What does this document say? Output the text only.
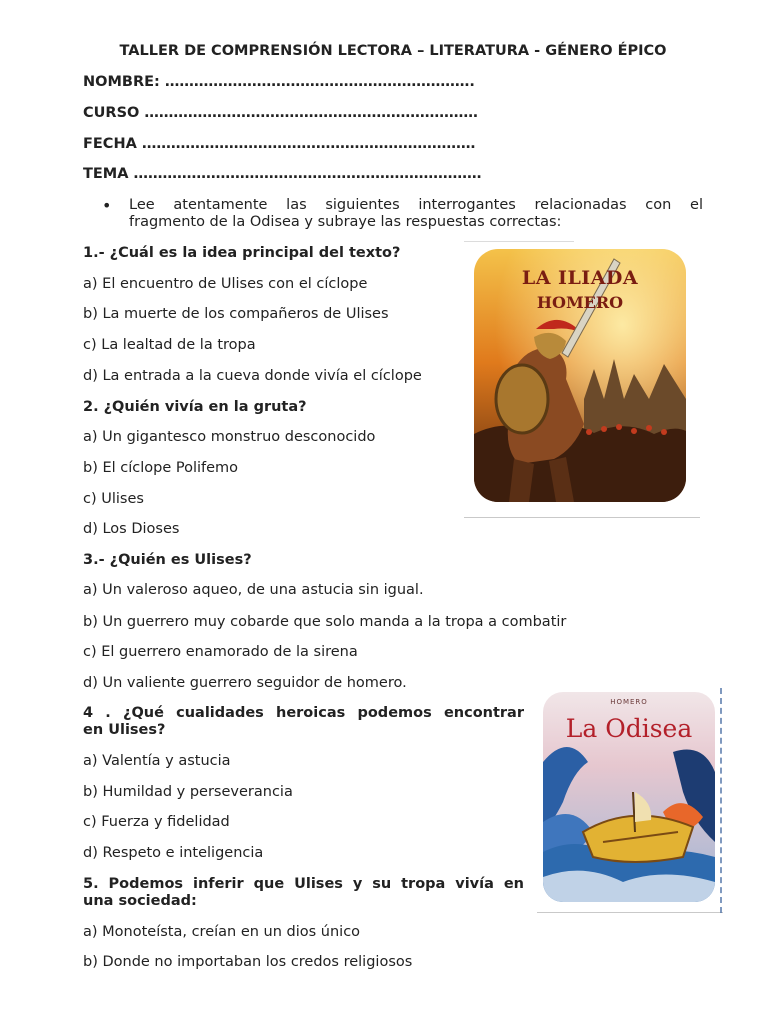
TALLER DE COMPRENSIÓN LECTORA – LITERATURA - GÉNERO ÉPICO
NOMBRE: ……………………………………………………….
CURSO ……………………………………………………………
FECHA ……………………………………………………………
TEMA ………………………………………………………………
• Lee atentamente las siguientes interrogantes relacionadas con el
fragmento de la Odisea y subraye las respuestas correctas:
1.- ¿Cuál es la idea principal del texto?
a) El encuentro de Ulises con el cíclope
b) La muerte de los compañeros de Ulises
c) La lealtad de la tropa
d) La entrada a la cueva donde vivía el cíclope
2. ¿Quién vivía en la gruta?
a) Un gigantesco monstruo desconocido
b) El cíclope Polifemo
c) Ulises
d) Los Dioses
3.- ¿Quién es Ulises?
a) Un valeroso aqueo, de una astucia sin igual.
b) Un guerrero muy cobarde que solo manda a la tropa a combatir
c) El guerrero enamorado de la sirena
d) Un valiente guerrero seguidor de homero.
4 . ¿Qué cualidades heroicas podemos encontrar
en Ulises?
a) Valentía y astucia
b) Humildad y perseverancia
c) Fuerza y fidelidad
d) Respeto e inteligencia
5. Podemos inferir que Ulises y su tropa vivía en
una sociedad:
a) Monoteísta, creían en un dios único
b) Donde no importaban los credos religiosos
LA ILIADA
HOMERO
HOMERO
La Odisea
